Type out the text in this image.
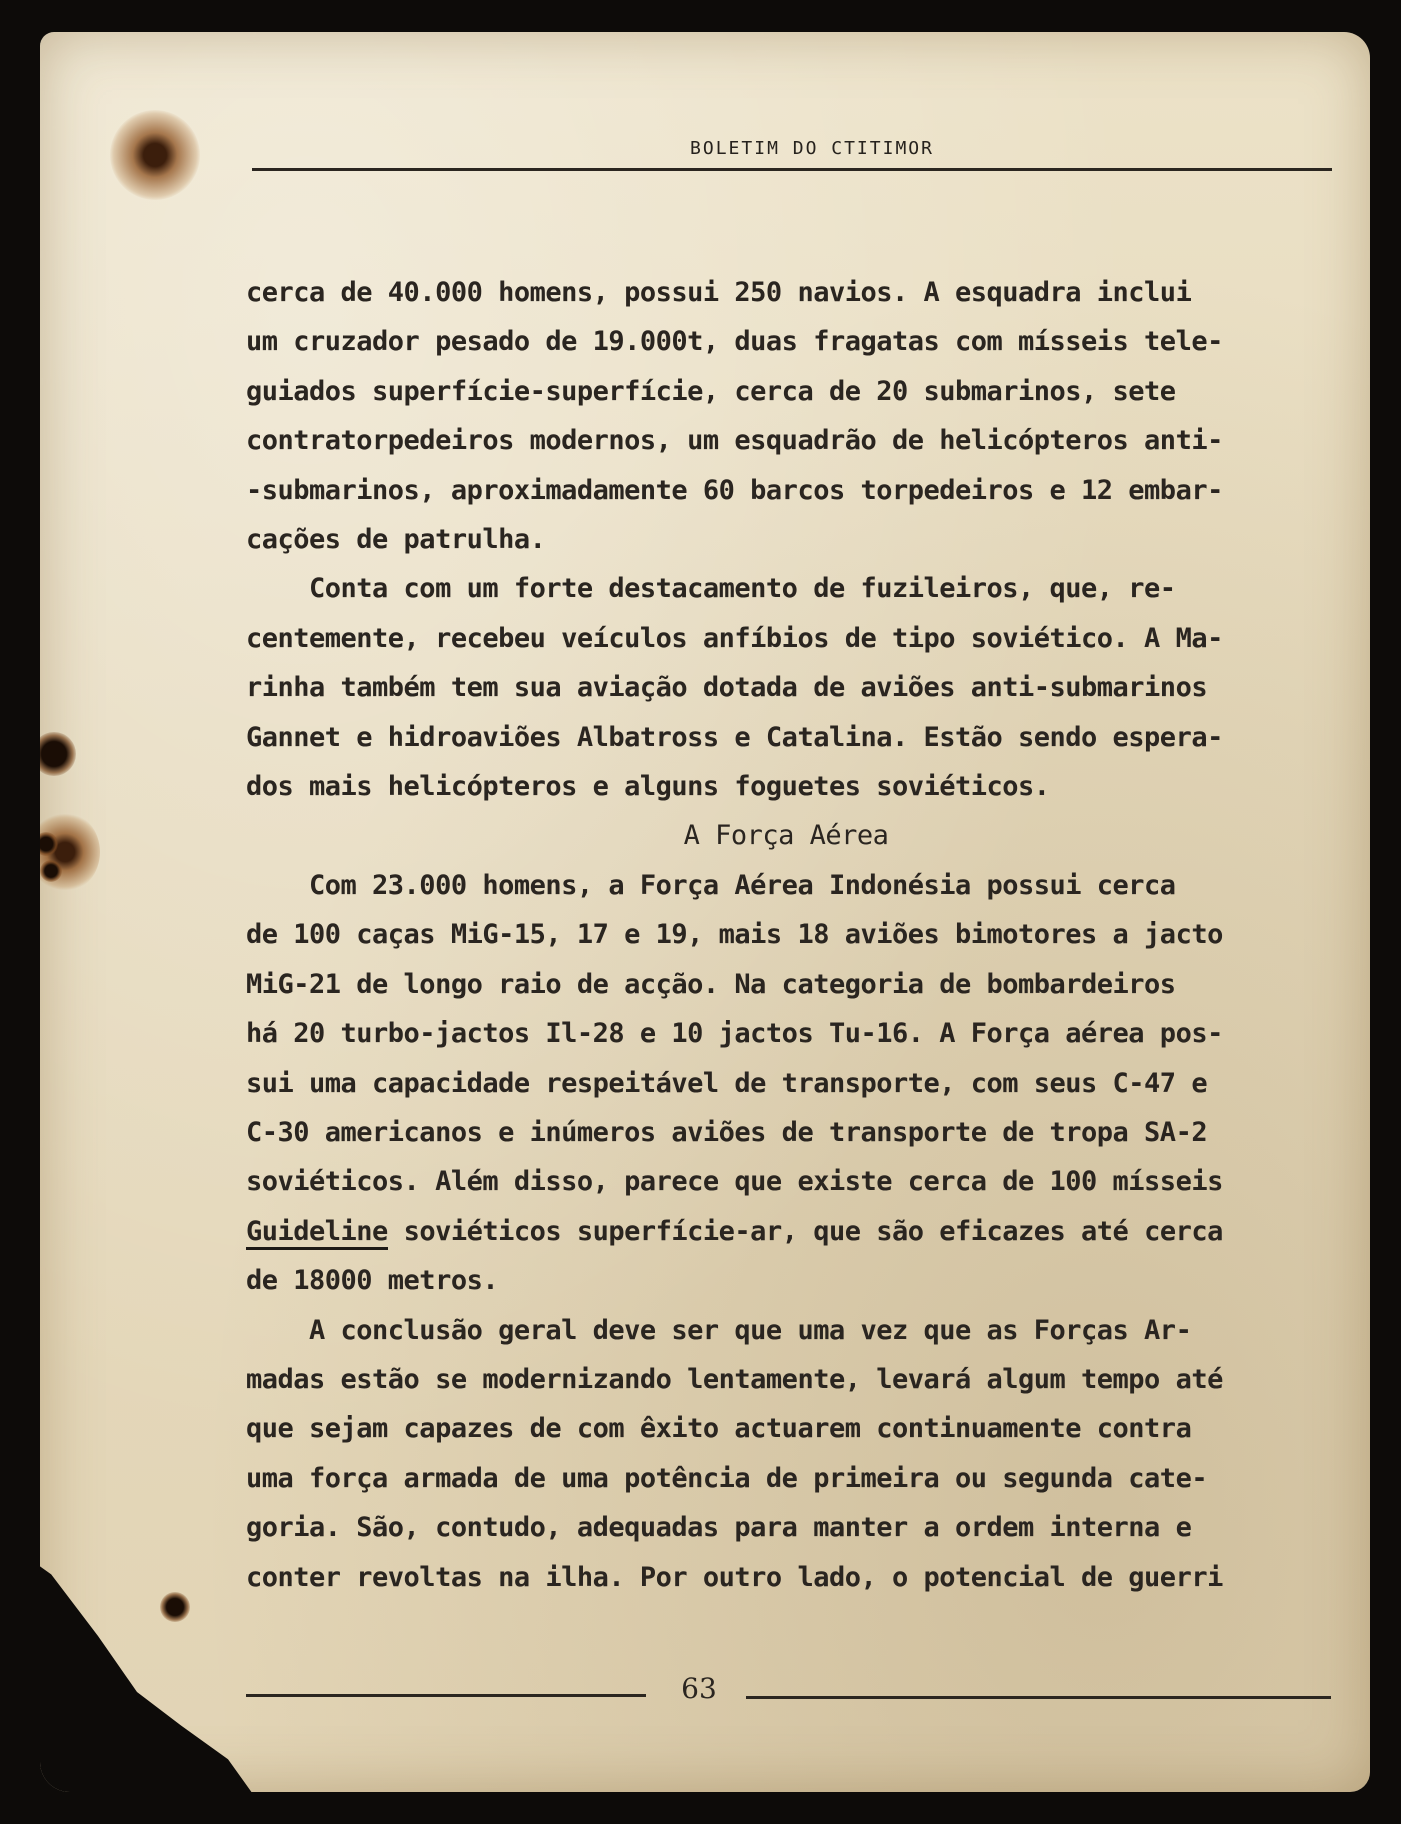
BOLETIM DO CTITIMOR
cerca de 40.000 homens, possui 250 navios. A esquadra inclui
um cruzador pesado de 19.000t, duas fragatas com mísseis tele-
guiados superfície-superfície, cerca de 20 submarinos, sete
contratorpedeiros modernos, um esquadrão de helicópteros anti-
-submarinos, aproximadamente 60 barcos torpedeiros e 12 embar-
cações de patrulha.
Conta com um forte destacamento de fuzileiros, que, re-
centemente, recebeu veículos anfíbios de tipo soviético. A Ma-
rinha também tem sua aviação dotada de aviões anti-submarinos
Gannet e hidroaviões Albatross e Catalina. Estão sendo espera-
dos mais helicópteros e alguns foguetes soviéticos.
A Força Aérea
Com 23.000 homens, a Força Aérea Indonésia possui cerca
de 100 caças MiG-15, 17 e 19, mais 18 aviões bimotores a jacto
MiG-21 de longo raio de acção. Na categoria de bombardeiros
há 20 turbo-jactos Il-28 e 10 jactos Tu-16. A Força aérea pos-
sui uma capacidade respeitável de transporte, com seus C-47 e
C-30 americanos e inúmeros aviões de transporte de tropa SA-2
soviéticos. Além disso, parece que existe cerca de 100 mísseis
Guideline soviéticos superfície-ar, que são eficazes até cerca
de 18000 metros.
A conclusão geral deve ser que uma vez que as Forças Ar-
madas estão se modernizando lentamente, levará algum tempo até
que sejam capazes de com êxito actuarem continuamente contra
uma força armada de uma potência de primeira ou segunda cate-
goria. São, contudo, adequadas para manter a ordem interna e
conter revoltas na ilha. Por outro lado, o potencial de guerri
63
